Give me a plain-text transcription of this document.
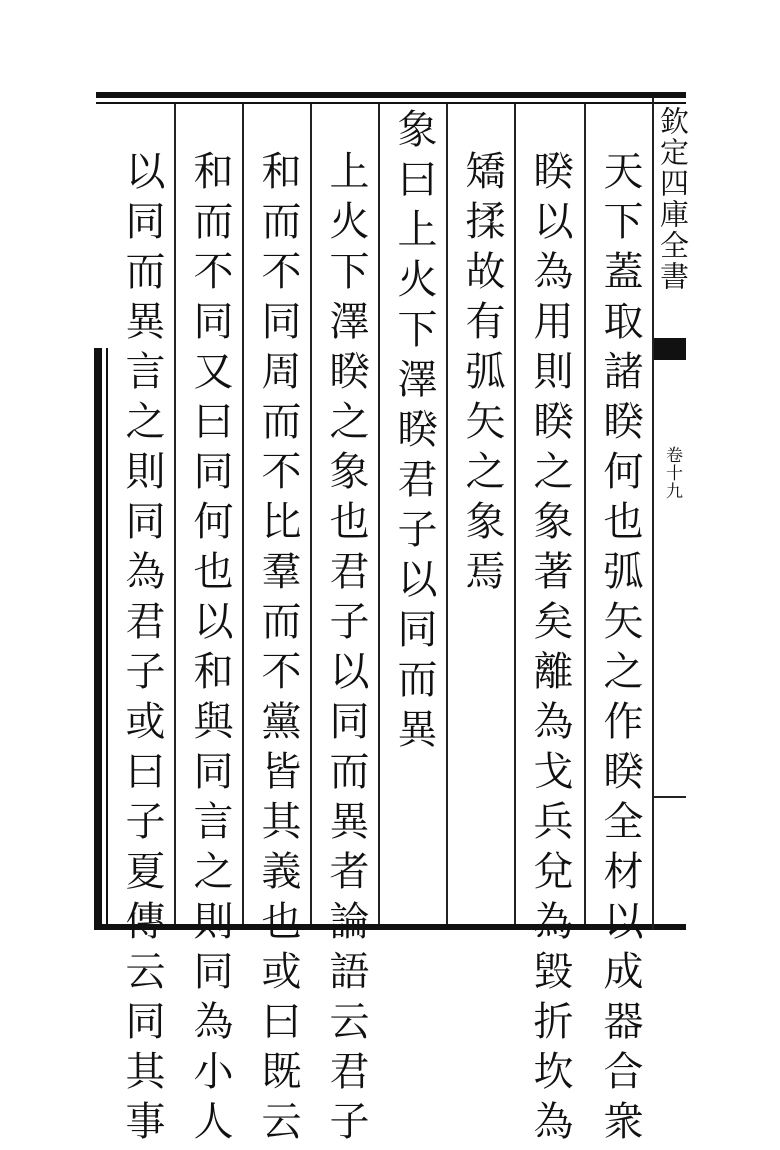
欽定四庫全書
卷十九
天下蓋取諸睽何也弧矢之作睽全材以成器合衆
睽以為用則睽之象著矣離為戈兵兌為毀折坎為
矯揉故有弧矢之象焉
象曰上火下澤睽君子以同而異
上火下澤睽之象也君子以同而異者論語云君子
和而不同周而不比羣而不黨皆其義也或曰既云
和而不同又曰同何也以和與同言之則同為小人
以同而異言之則同為君子或曰子夏傳云同其事
